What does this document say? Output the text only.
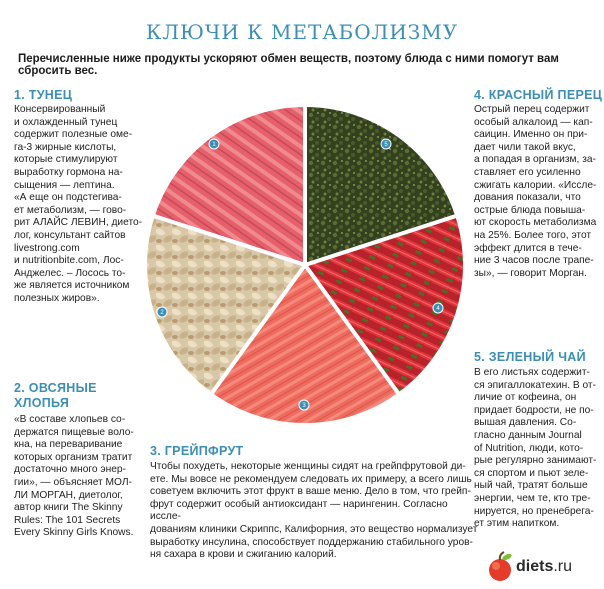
КЛЮЧИ К МЕТАБОЛИЗМУ
Перечисленные ниже продукты ускоряют обмен веществ, поэтому блюда с ними помогут вам сбросить вес.
1. ТУНЕЦ
Консервированный
и охлажденный тунец
содержит полезные оме-
га-3 жирные кислоты,
которые стимулируют
выработку гормона на-
сыщения — лептина.
«А еще он подстегива-
ет метаболизм, — гово-
рит АЛАЙС ЛЕВИН, дието-
лог, консультант сайтов
livestrong.com
и nutritionbite.com, Лос-
Анджелес. – Лосось то-
же является источником
полезных жиров».
2. ОВСЯНЫЕ
ХЛОПЬЯ
«В составе хлопьев со-
держатся пищевые воло-
кна, на переваривание
которых организм тратит
достаточно много энер-
гии», — объясняет МОЛ-
ЛИ МОРГАН, диетолог,
автор книги The Skinny
Rules: The 101 Secrets
Every Skinny Girls Knows.
3. ГРЕЙПФРУТ
Чтобы похудеть, некоторые женщины сидят на грейпфрутовой ди-
ете. Мы вовсе не рекомендуем следовать их примеру, а всего лишь
советуем включить этот фрукт в ваше меню. Дело в том, что грейп-
фрут содержит особый антиоксидант — нарингенин. Согласно иссле-
дованиям клиники Скриппс, Калифорния, это вещество нормализует
выработку инсулина, способствует поддержанию стабильного уров-
ня сахара в крови и сжиганию калорий.
4. КРАСНЫЙ ПЕРЕЦ
Острый перец содержит
особый алкалоид — кап-
саицин. Именно он при-
дает чили такой вкус,
а попадая в организм, за-
ставляет его усиленно
сжигать калории. «Иссле-
дования показали, что
острые блюда повыша-
ют скорость метаболизма
на 25%. Более того, этот
эффект длится в тече-
ние 3 часов после трапе-
зы», — говорит Морган.
5. ЗЕЛЕНЫЙ ЧАЙ
В его листьях содержит-
ся эпигаллокатехин. В от-
личие от кофеина, он
придает бодрости, не по-
вышая давления. Со-
гласно данным Journal
of Nutrition, люди, кото-
рые регулярно занимают-
ся спортом и пьют зеле-
ный чай, тратят больше
энергии, чем те, кто тре-
нируется, но пренебрега-
ет этим напитком.
1
2
3
4
5
diets.ru
